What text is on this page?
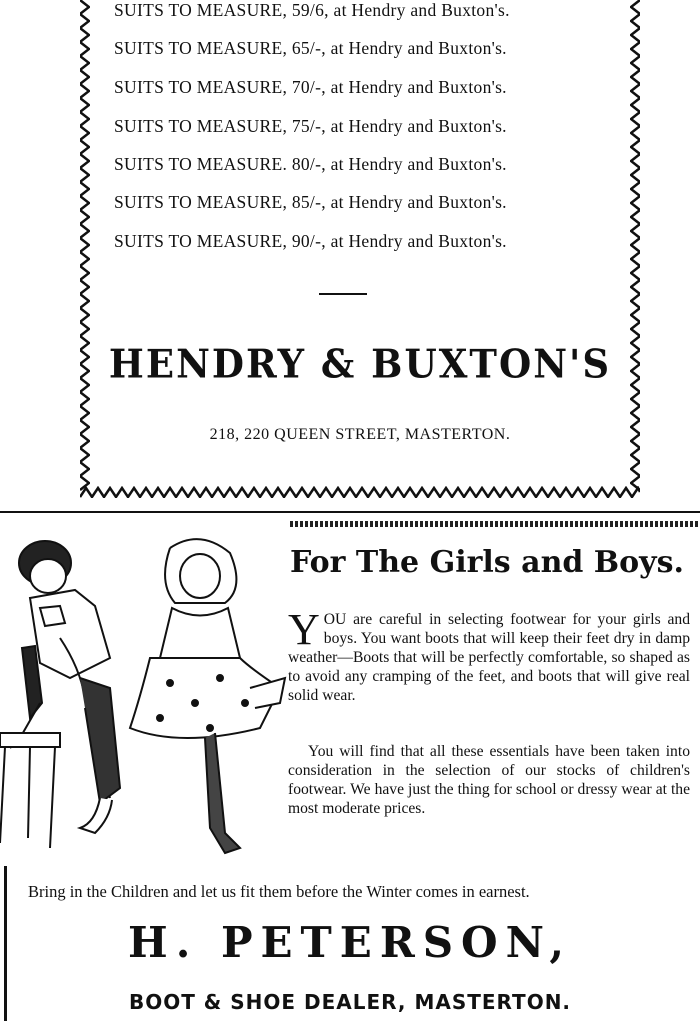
SUITS TO MEASURE, 59/6, at Hendry and Buxton's.
SUITS TO MEASURE, 65/-, at Hendry and Buxton's.
SUITS TO MEASURE, 70/-, at Hendry and Buxton's.
SUITS TO MEASURE, 75/-, at Hendry and Buxton's.
SUITS TO MEASURE. 80/-, at Hendry and Buxton's.
SUITS TO MEASURE, 85/-, at Hendry and Buxton's.
SUITS TO MEASURE, 90/-, at Hendry and Buxton's.
HENDRY & BUXTON'S
218, 220 QUEEN STREET, MASTERTON.
For The Girls and Boys.
YOU are careful in selecting footwear for your girls and boys. You want boots that will keep their feet dry in damp weather—Boots that will be perfectly comfortable, so shaped as to avoid any cramping of the feet, and boots that will give real solid wear.
You will find that all these essentials have been taken into consideration in the selection of our stocks of children's footwear. We have just the thing for school or dressy wear at the most moderate prices.
Bring in the Children and let us fit them before the Winter comes in earnest.
H. PETERSON,
BOOT & SHOE DEALER, MASTERTON.
